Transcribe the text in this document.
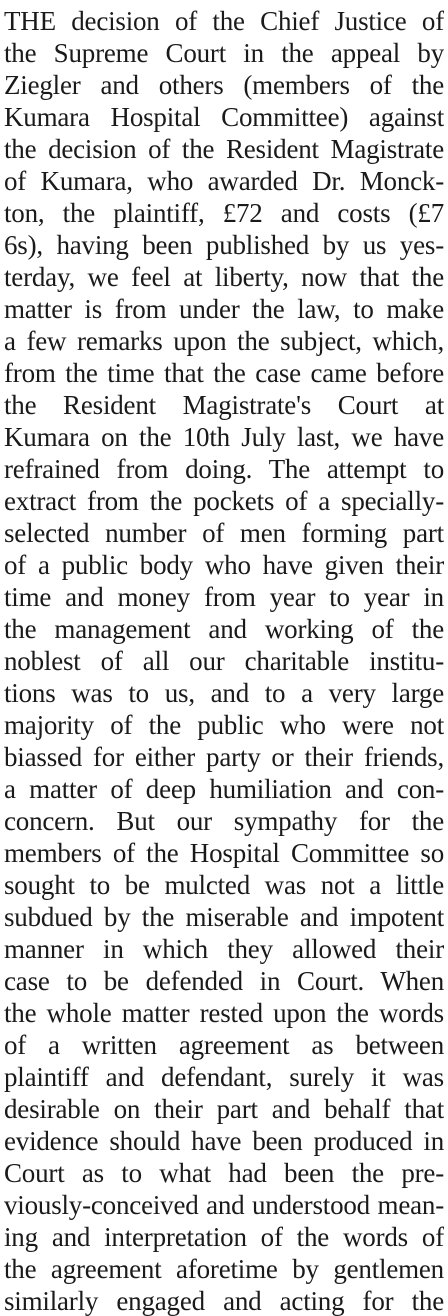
THE decision of the Chief Justice of
the Supreme Court in the appeal by
Ziegler and others (members of the
Kumara Hospital Committee) against
the decision of the Resident Magistrate
of Kumara, who awarded Dr. Monck-
ton, the plaintiff, £72 and costs (£7
6s), having been published by us yes-
terday, we feel at liberty, now that the
matter is from under the law, to make
a few remarks upon the subject, which,
from the time that the case came before
the Resident Magistrate's Court at
Kumara on the 10th July last, we have
refrained from doing. The attempt to
extract from the pockets of a specially-
selected number of men forming part
of a public body who have given their
time and money from year to year in
the management and working of the
noblest of all our charitable institu-
tions was to us, and to a very large
majority of the public who were not
biassed for either party or their friends,
a matter of deep humiliation and con-
concern. But our sympathy for the
members of the Hospital Committee so
sought to be mulcted was not a little
subdued by the miserable and impotent
manner in which they allowed their
case to be defended in Court. When
the whole matter rested upon the words
of a written agreement as between
plaintiff and defendant, surely it was
desirable on their part and behalf that
evidence should have been produced in
Court as to what had been the pre-
viously-conceived and understood mean-
ing and interpretation of the words of
the agreement aforetime by gentlemen
similarly engaged and acting for the
